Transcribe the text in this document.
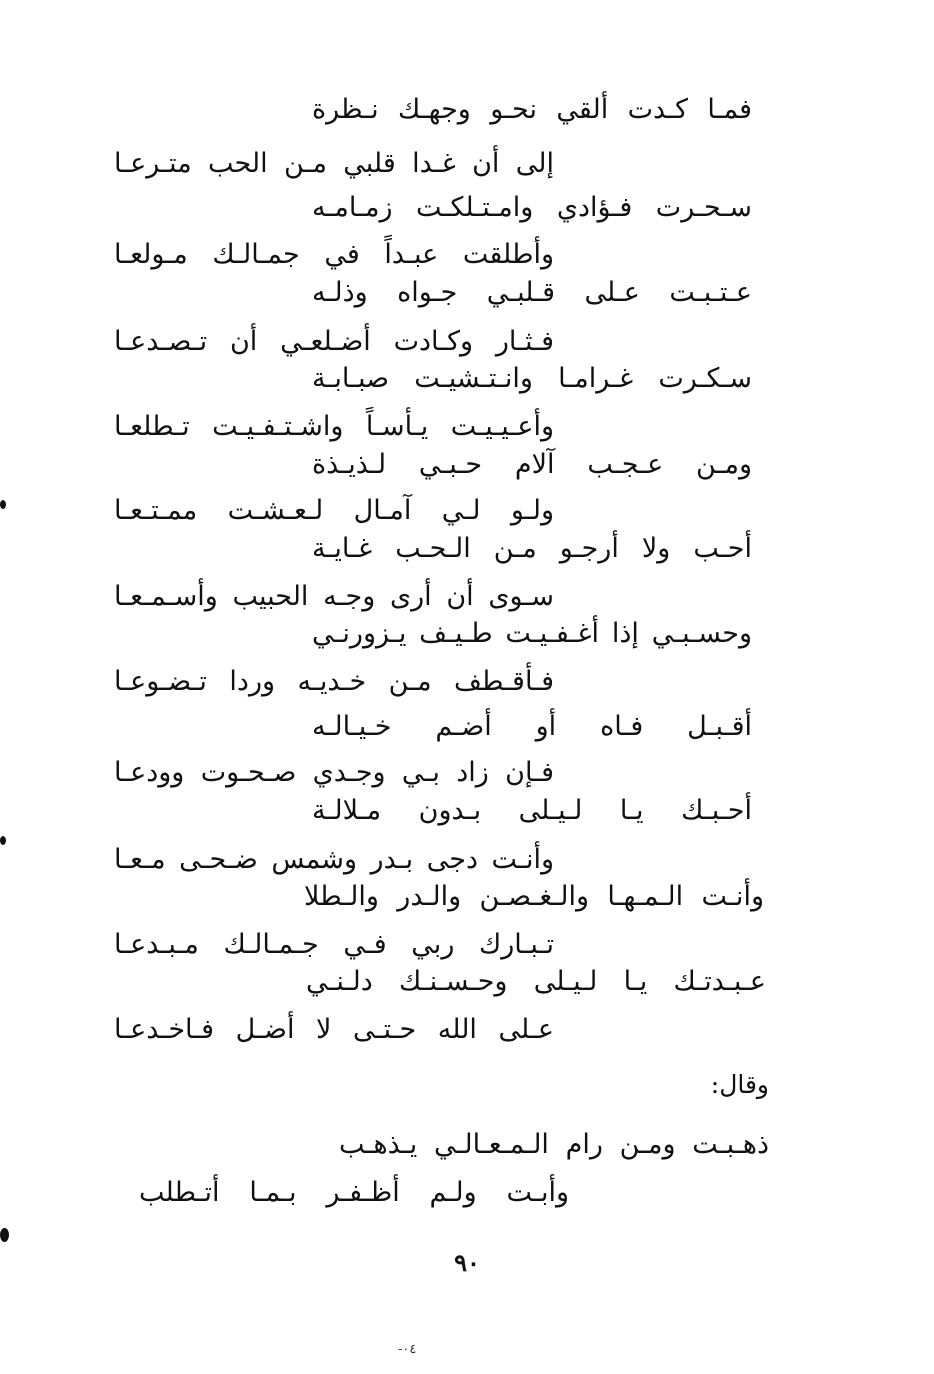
فمـا كـدت ألقي نحـو وجهـك نـظرة
إلى أن غـدا قلبي مـن الحب متـرعـا
سـحـرت فـؤادي وامـتـلكـت زمـامـه
وأطلقت عبـداً في جمـالـك مـولعـا
عـتـبـت عـلى قـلبـي جـواه وذلـه
فـثـار وكـادت أضـلعـي أن تـصـدعـا
سـكـرت غـرامـا وانـتـشيـت صبـابـة
وأعـيـيـت يـأسـاً واشـتـفـيـت تـطلعـا
ومـن عـجـب آلام حـبـي لـذيـذة
ولـو لـي آمـال لـعـشـت ممـتـعـا
أحـب ولا أرجـو مـن الـحـب غـايـة
سـوى أن أرى وجـه الحبيب وأسـمـعـا
وحسـبـي إذا أغـفـيـت طـيـف يـزورنـي
فـأقـطف مـن خـديـه وردا تـضـوعـا
أقـبـل فـاه أو أضـم خـيـالـه
فـإن زاد بـي وجـدي صـحـوت وودعـا
أحـبـك يـا لـيـلى بـدون مـلالـة
وأنـت دجى بـدر وشمس ضـحـى مـعـا
وأنـت الـمـهـا والـغـصـن والـدر والـطلا
تـبـارك ربي فـي جـمـالـك مـبـدعـا
عـبـدتـك يـا لـيـلى وحـسـنـك دلـنـي
عـلى الله حـتـى لا أضـل فـاخـدعـا
وقال:
ذهـبـت ومـن رام الـمـعـالـي يـذهـب
وأبـت ولـم أظـفـر بـمـا أتـطلب
٩٠
-٠٤
